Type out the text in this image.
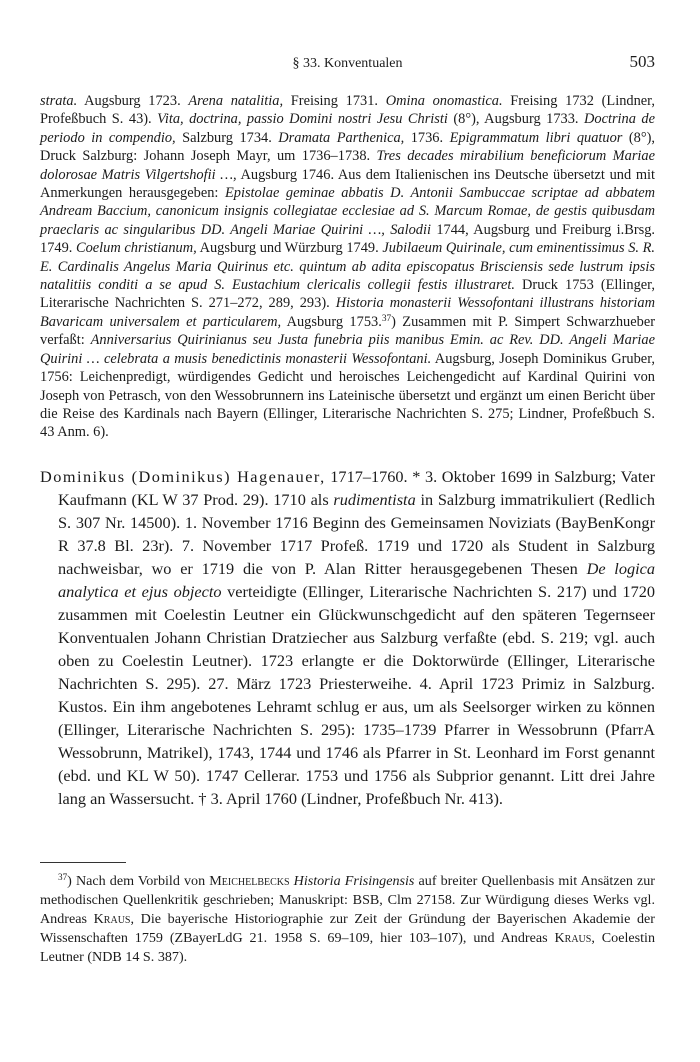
§ 33. Konventualen	503

strata. Augsburg 1723. Arena natalitia, Freising 1731. Omina onomastica. Freising 1732 (Lindner, Profeßbuch S. 43). Vita, doctrina, passio Domini nostri Jesu Christi (8°), Augsburg 1733. Doctrina de periodo in compendio, Salzburg 1734. Dramata Parthenica, 1736. Epigrammatum libri quatuor (8°), Druck Salzburg: Johann Joseph Mayr, um 1736–1738. Tres decades mirabilium beneficiorum Mariae dolorosae Matris Vilgertshofii …, Augsburg 1746. Aus dem Italienischen ins Deutsche übersetzt und mit Anmerkungen herausgegeben: Epistolae geminae abbatis D. Antonii Sambuccae scriptae ad abbatem Andream Baccium, canonicum insignis collegiatae ecclesiae ad S. Marcum Romae, de gestis quibusdam praeclaris ac singularibus DD. Angeli Mariae Quirini …, Salodii 1744, Augsburg und Freiburg i.Brsg. 1749. Coelum christianum, Augsburg und Würzburg 1749. Jubilaeum Quirinale, cum eminentissimus S. R. E. Cardinalis Angelus Maria Quirinus etc. quintum ab adita episcopatus Brisciensis sede lustrum ipsis natalitiis conditi a se apud S. Eustachium clericalis collegii festis illustraret. Druck 1753 (Ellinger, Literarische Nachrichten S. 271–272, 289, 293). Historia monasterii Wessofontani illustrans historiam Bavaricam universalem et particularem, Augsburg 1753.37) Zusammen mit P. Simpert Schwarzhueber verfaßt: Anniversarius Quirinianus seu Justa funebria piis manibus Emin. ac Rev. DD. Angeli Mariae Quirini … celebrata a musis benedictinis monasterii Wessofontani. Augsburg, Joseph Dominikus Gruber, 1756: Leichenpredigt, würdigendes Gedicht und heroisches Leichengedicht auf Kardinal Quirini von Joseph von Petrasch, von den Wessobrunnern ins Lateinische übersetzt und ergänzt um einen Bericht über die Reise des Kardinals nach Bayern (Ellinger, Literarische Nachrichten S. 275; Lindner, Profeßbuch S. 43 Anm. 6).

Dominikus (Dominikus) Hagenauer, 1717–1760. * 3. Oktober 1699 in Salzburg; Vater Kaufmann (KL W 37 Prod. 29). 1710 als rudimentista in Salzburg immatrikuliert (Redlich S. 307 Nr. 14500). 1. November 1716 Beginn des Gemeinsamen Noviziats (BayBenKongr R 37.8 Bl. 23r). 7. November 1717 Profeß. 1719 und 1720 als Student in Salzburg nachweisbar, wo er 1719 die von P. Alan Ritter herausgegebenen Thesen De logica analytica et ejus objecto verteidigte (Ellinger, Literarische Nachrichten S. 217) und 1720 zusammen mit Coelestin Leutner ein Glückwunschgedicht auf den späteren Tegernseer Konventualen Johann Christian Dratziecher aus Salzburg verfaßte (ebd. S. 219; vgl. auch oben zu Coelestin Leutner). 1723 erlangte er die Doktorwürde (Ellinger, Literarische Nachrichten S. 295). 27. März 1723 Priesterweihe. 4. April 1723 Primiz in Salzburg. Kustos. Ein ihm angebotenes Lehramt schlug er aus, um als Seelsorger wirken zu können (Ellinger, Literarische Nachrichten S. 295): 1735–1739 Pfarrer in Wessobrunn (PfarrA Wessobrunn, Matrikel), 1743, 1744 und 1746 als Pfarrer in St. Leonhard im Forst genannt (ebd. und KL W 50). 1747 Cellerar. 1753 und 1756 als Subprior genannt. Litt drei Jahre lang an Wassersucht. † 3. April 1760 (Lindner, Profeßbuch Nr. 413).

$^{37}$) Nach dem Vorbild von Meichelbecks Historia Frisingensis auf breiter Quellenbasis mit Ansätzen zur methodischen Quellenkritik geschrieben; Manuskript: BSB, Clm 27158. Zur Würdigung dieses Werks vgl. Andreas Kraus, Die bayerische Historiographie zur Zeit der Gründung der Bayerischen Akademie der Wissenschaften 1759 (ZBayerLdG 21. 1958 S. 69–109, hier 103–107), und Andreas Kraus, Coelestin Leutner (NDB 14 S. 387).
